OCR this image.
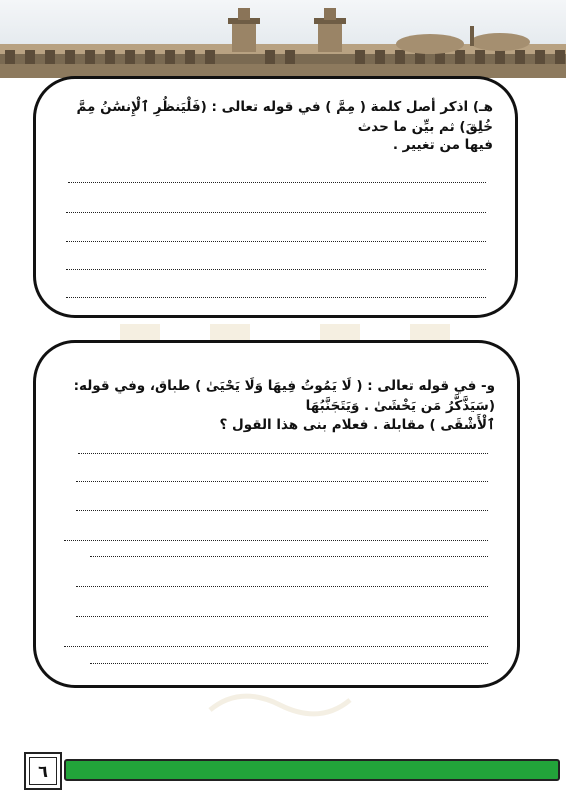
هـ) اذكر أصل كلمة ( مِمَّ ) في قوله تعالى : (فَلْيَنظُرِ ٱلْإِنسَٰنُ مِمَّ خُلِقَ) ثم بيِّن ما حدث
فيها من تغيير .
و- في قوله تعالى : ( لَا يَمُوتُ فِيهَا وَلَا يَحْيَىٰ ) طباق، وفي قوله: (سَيَذَّكَّرُ مَن يَخْشَىٰ . وَيَتَجَنَّبُهَا
ٱلْأَشْقَى ) مقابلة . فعلام بنى هذا القول ؟
٦
